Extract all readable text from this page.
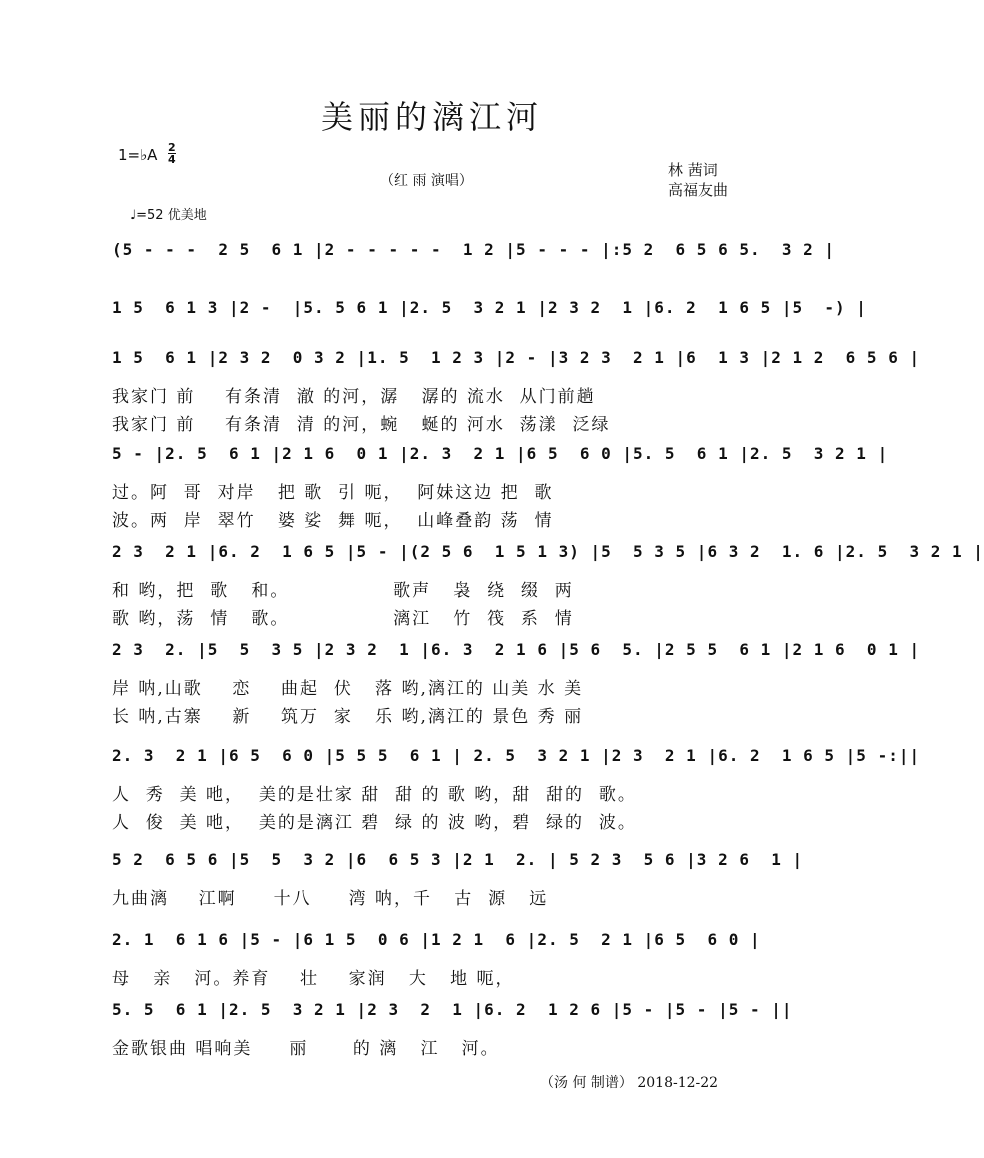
美丽的漓江河
1=♭A 2
4
（红 雨 演唱）
林 茜词
高福友曲
♩=52 优美地
(5 - - -  2 5  6 1 |2 - - - - -  1 2 |5 - - - |:5 2  6 5 6 5.  3 2 |
1 5  6 1 3 |2 -  |5. 5 6 1 |2. 5  3 2 1 |2 3 2  1 |6. 2  1 6 5 |5  -) |
1 5  6 1 |2 3 2  0 3 2 |1. 5  1 2 3 |2 - |3 2 3  2 1 |6  1 3 |2 1 2  6 5 6 |
我家门 前    有条清  澈 的河，潺   潺的 流水  从门前趟
我家门 前    有条清  清 的河，蜿   蜒的 河水  荡漾  泛绿
5 - |2. 5  6 1 |2 1 6  0 1 |2. 3  2 1 |6 5  6 0 |5. 5  6 1 |2. 5  3 2 1 |
过。阿  哥  对岸   把 歌  引 呃，  阿妹这边 把  歌
波。两  岸  翠竹   婆 娑  舞 呃，  山峰叠韵 荡  情
2 3  2 1 |6. 2  1 6 5 |5 - |(2 5 6  1 5 1 3) |5  5 3 5 |6 3 2  1. 6 |2. 5  3 2 1 |
和 哟，把  歌   和。              歌声   袅  绕  缀  两
歌 哟，荡  情   歌。              漓江   竹  筏  系  情
2 3  2. |5  5  3 5 |2 3 2  1 |6. 3  2 1 6 |5 6  5. |2 5 5  6 1 |2 1 6  0 1 |
岸 呐,山歌    恋    曲起  伏   落 哟,漓江的 山美 水 美
长 呐,古寨    新    筑万  家   乐 哟,漓江的 景色 秀 丽
2. 3  2 1 |6 5  6 0 |5 5 5  6 1 | 2. 5  3 2 1 |2 3  2 1 |6. 2  1 6 5 |5 -:||
人  秀  美 吔，  美的是壮家 甜  甜 的 歌 哟，甜  甜的  歌。
人  俊  美 吔，  美的是漓江 碧  绿 的 波 哟，碧  绿的  波。
5 2  6 5 6 |5  5  3 2 |6  6 5 3 |2 1  2. | 5 2 3  5 6 |3 2 6  1 |
九曲漓    江啊     十八     湾 呐，千   古  源   远
2. 1  6 1 6 |5 - |6 1 5  0 6 |1 2 1  6 |2. 5  2 1 |6 5  6 0 |
母   亲   河。养育    壮    家润   大   地 呃，
5. 5  6 1 |2. 5  3 2 1 |2 3  2  1 |6. 2  1 2 6 |5 - |5 - |5 - ||
金歌银曲 唱响美     丽      的 漓   江   河。
（汤 何 制谱） 2018-12-22
